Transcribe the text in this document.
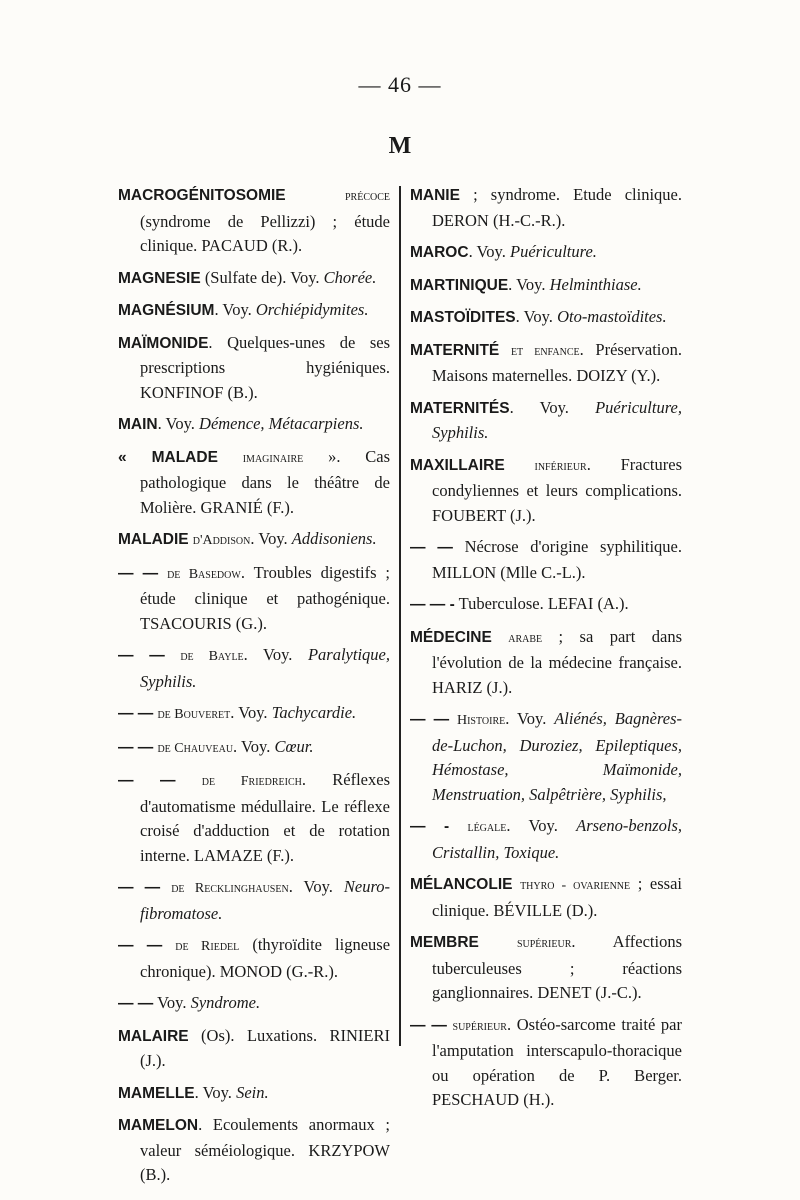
— 46 —
M

MACROGÉNITOSOMIE	précoce (syndrome de Pellizzi) ; étude clinique. PACAUD (R.).

MAGNESIE (Sulfate de). Voy. Chorée.

MAGNÉSIUM. Voy. Orchiépidymites.

MAÏMONIDE. Quelques-unes de ses prescriptions hygiéniques. KONFINOF (B.).

MAIN. Voy. Démence, Métacarpiens.

« MALADE imaginaire ». Cas pathologique dans le théâtre de Molière. GRANIÉ (F.).

MALADIE d'Addison. Voy. Addisoniens.

— — de Basedow. Troubles digestifs ; étude clinique et pathogénique. TSACOURIS (G.).

— — de Bayle. Voy. Paralytique, Syphilis.

— — de Bouveret. Voy. Tachycardie.

— — de Chauveau. Voy. Cœur.

— — de Friedreich. Réflexes d'automatisme médullaire. Le réflexe croisé d'adduction et de rotation interne. LAMAZE (F.).

— — de Recklinghausen. Voy. Neuro-fibromatose.

— — de Riedel (thyroïdite ligneuse chronique). MONOD (G.-R.).

— — Voy. Syndrome.

MALAIRE (Os). Luxations. RINIERI (J.).

MAMELLE. Voy. Sein.

MAMELON. Ecoulements anormaux ; valeur séméiologique. KRZYPOW (B.).

MANIE ; syndrome. Etude clinique. DERON (H.-C.-R.).

MAROC. Voy. Puériculture.

MARTINIQUE. Voy. Helminthiase.

MASTOÏDITES. Voy. Oto-mastoïdites.

MATERNITÉ et enfance. Préservation. Maisons maternelles. DOIZY (Y.).

MATERNITÉS. Voy. Puériculture, Syphilis.

MAXILLAIRE inférieur. Fractures condyliennes et leurs complications. FOUBERT (J.).

— — Nécrose d'origine syphilitique. MILLON (Mlle C.-L.).

— — - Tuberculose. LEFAI (A.).

MÉDECINE arabe ; sa part dans l'évolution de la médecine française. HARIZ (J.).

— — Histoire. Voy. Aliénés, Bagnères-de-Luchon, Duroziez, Epileptiques, Hémostase, Maïmonide, Menstruation, Salpêtrière, Syphilis,

— - légale. Voy. Arseno-benzols, Cristallin, Toxique.

MÉLANCOLIE thyro - ovarienne ; essai clinique. BÉVILLE (D.).

MEMBRE	supérieur. Affections tuberculeuses ; réactions ganglionnaires. DENET (J.-C.).

— — supérieur. Ostéo-sarcome traité par l'amputation interscapulo-thoracique ou opération de P. Berger. PESCHAUD (H.).
